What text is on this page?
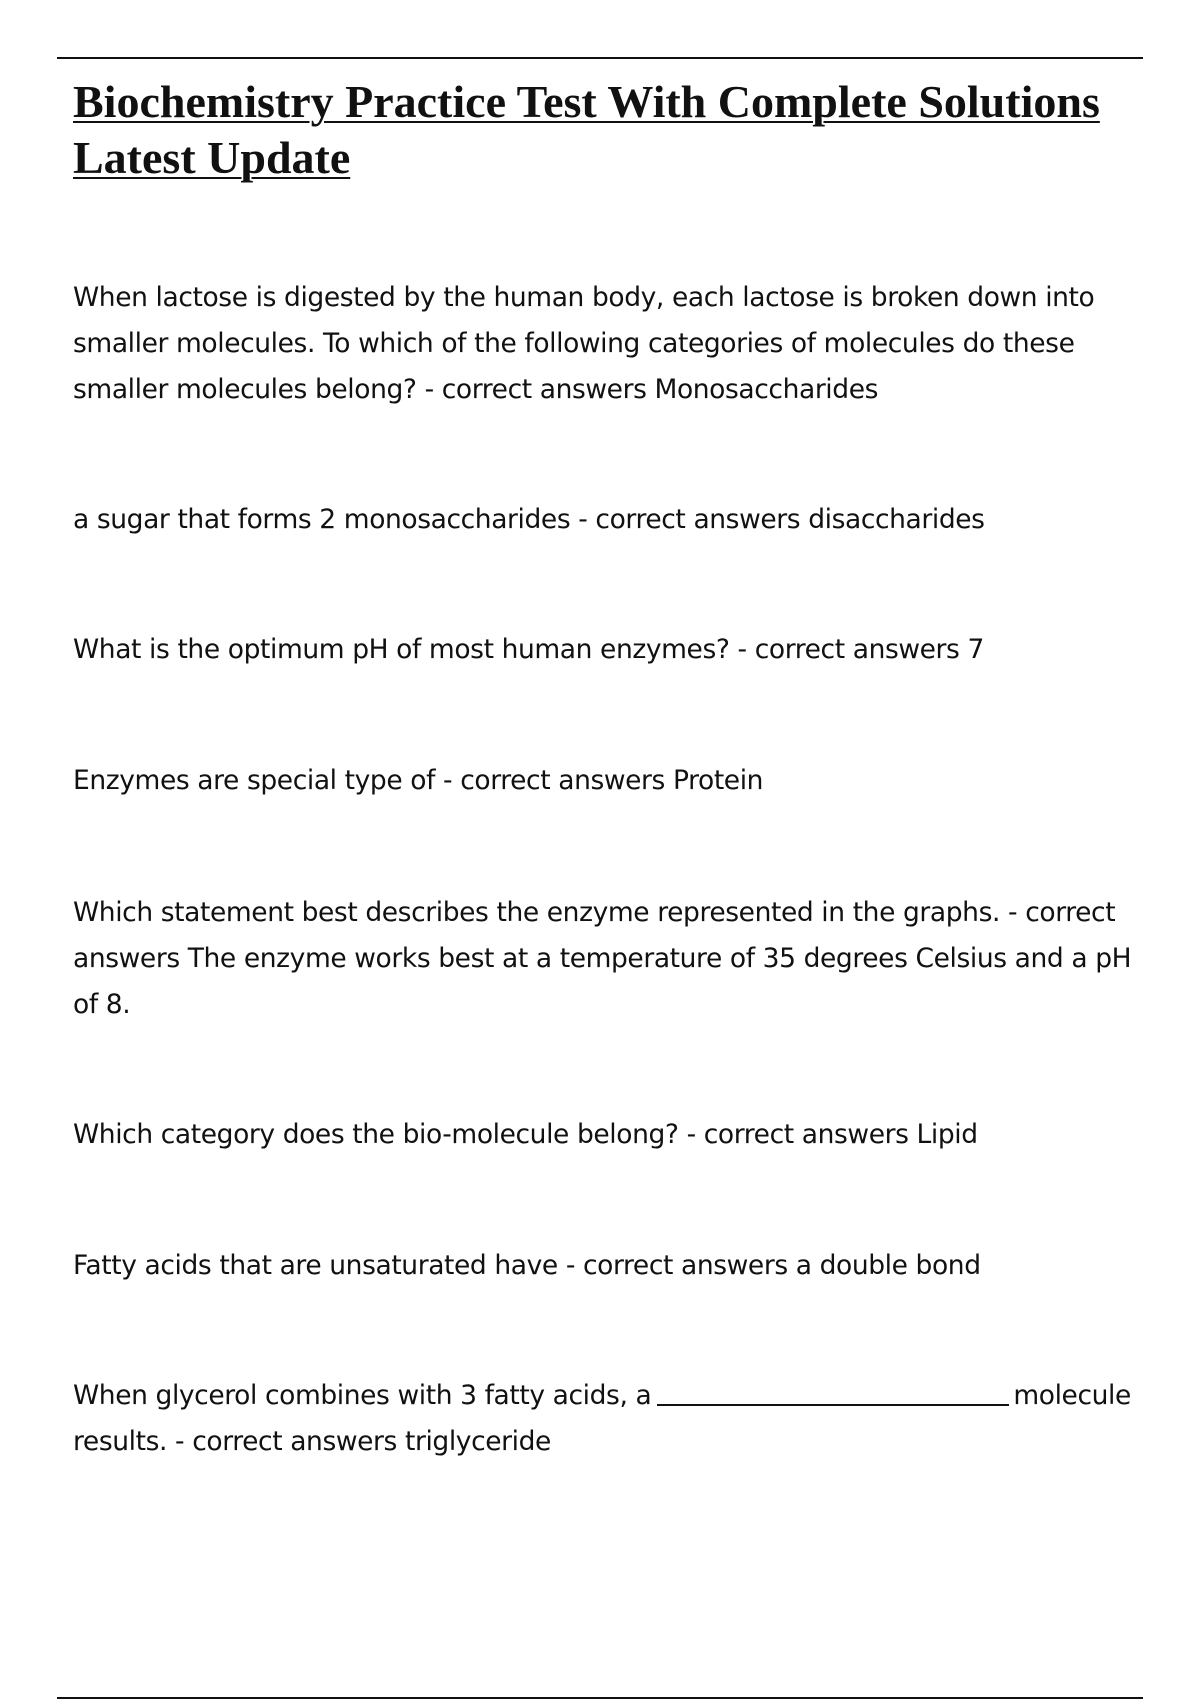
Biochemistry Practice Test With Complete Solutions
Latest Update
When lactose is digested by the human body, each lactose is broken down into
smaller molecules. To which of the following categories of molecules do these
smaller molecules belong? - correct answers Monosaccharides
a sugar that forms 2 monosaccharides - correct answers disaccharides
What is the optimum pH of most human enzymes? - correct answers 7
Enzymes are special type of - correct answers Protein
Which statement best describes the enzyme represented in the graphs. - correct
answers The enzyme works best at a temperature of 35 degrees Celsius and a pH
of 8.
Which category does the bio-molecule belong? - correct answers Lipid
Fatty acids that are unsaturated have - correct answers a double bond
When glycerol combines with 3 fatty acids, a	molecule
results. - correct answers triglyceride
